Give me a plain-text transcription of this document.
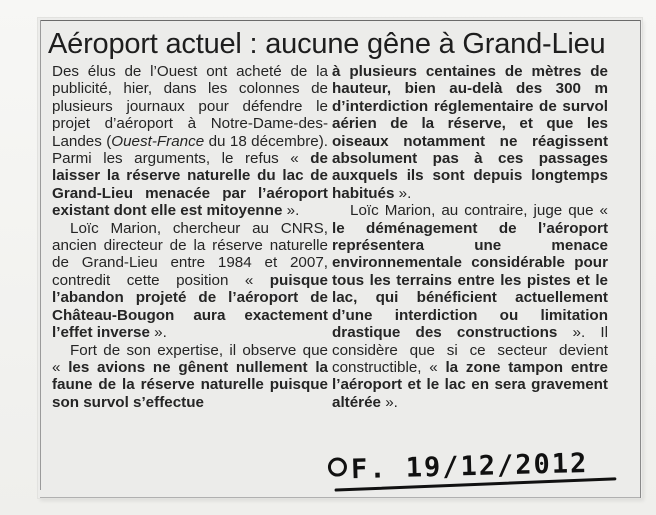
Aéroport actuel : aucune gêne à Grand-Lieu

Des élus de l’Ouest ont acheté de la publicité, hier, dans les colonnes de plusieurs journaux pour défendre le projet d’aéroport à Notre-Dame-des-Landes (Ouest-France du 18 décembre). Parmi les arguments, le refus « de laisser la réserve naturelle du lac de Grand-Lieu menacée par l’aéroport existant dont elle est mitoyenne ».

Loïc Marion, chercheur au CNRS, ancien directeur de la réserve naturelle de Grand-Lieu entre 1984 et 2007, contredit cette position « puisque l’abandon projeté de l’aéroport de Château-Bougon aura exactement l’effet inverse ».

Fort de son expertise, il observe que « les avions ne gênent nullement la faune de la réserve naturelle puisque son survol s’effectue

à plusieurs centaines de mètres de hauteur, bien au-delà des 300 m d’interdiction réglementaire de survol aérien de la réserve, et que les oiseaux notamment ne réagissent absolument pas à ces passages auxquels ils sont depuis longtemps habitués ».

Loïc Marion, au contraire, juge que « le déménagement de l’aéroport représentera une menace environnementale considérable pour tous les terrains entre les pistes et le lac, qui bénéficient actuellement d’une interdiction ou limitation drastique des constructions ». Il considère que si ce secteur devient constructible, « la zone tampon entre l’aéroport et le lac en sera gravement altérée ».

F. 19/12/2012
